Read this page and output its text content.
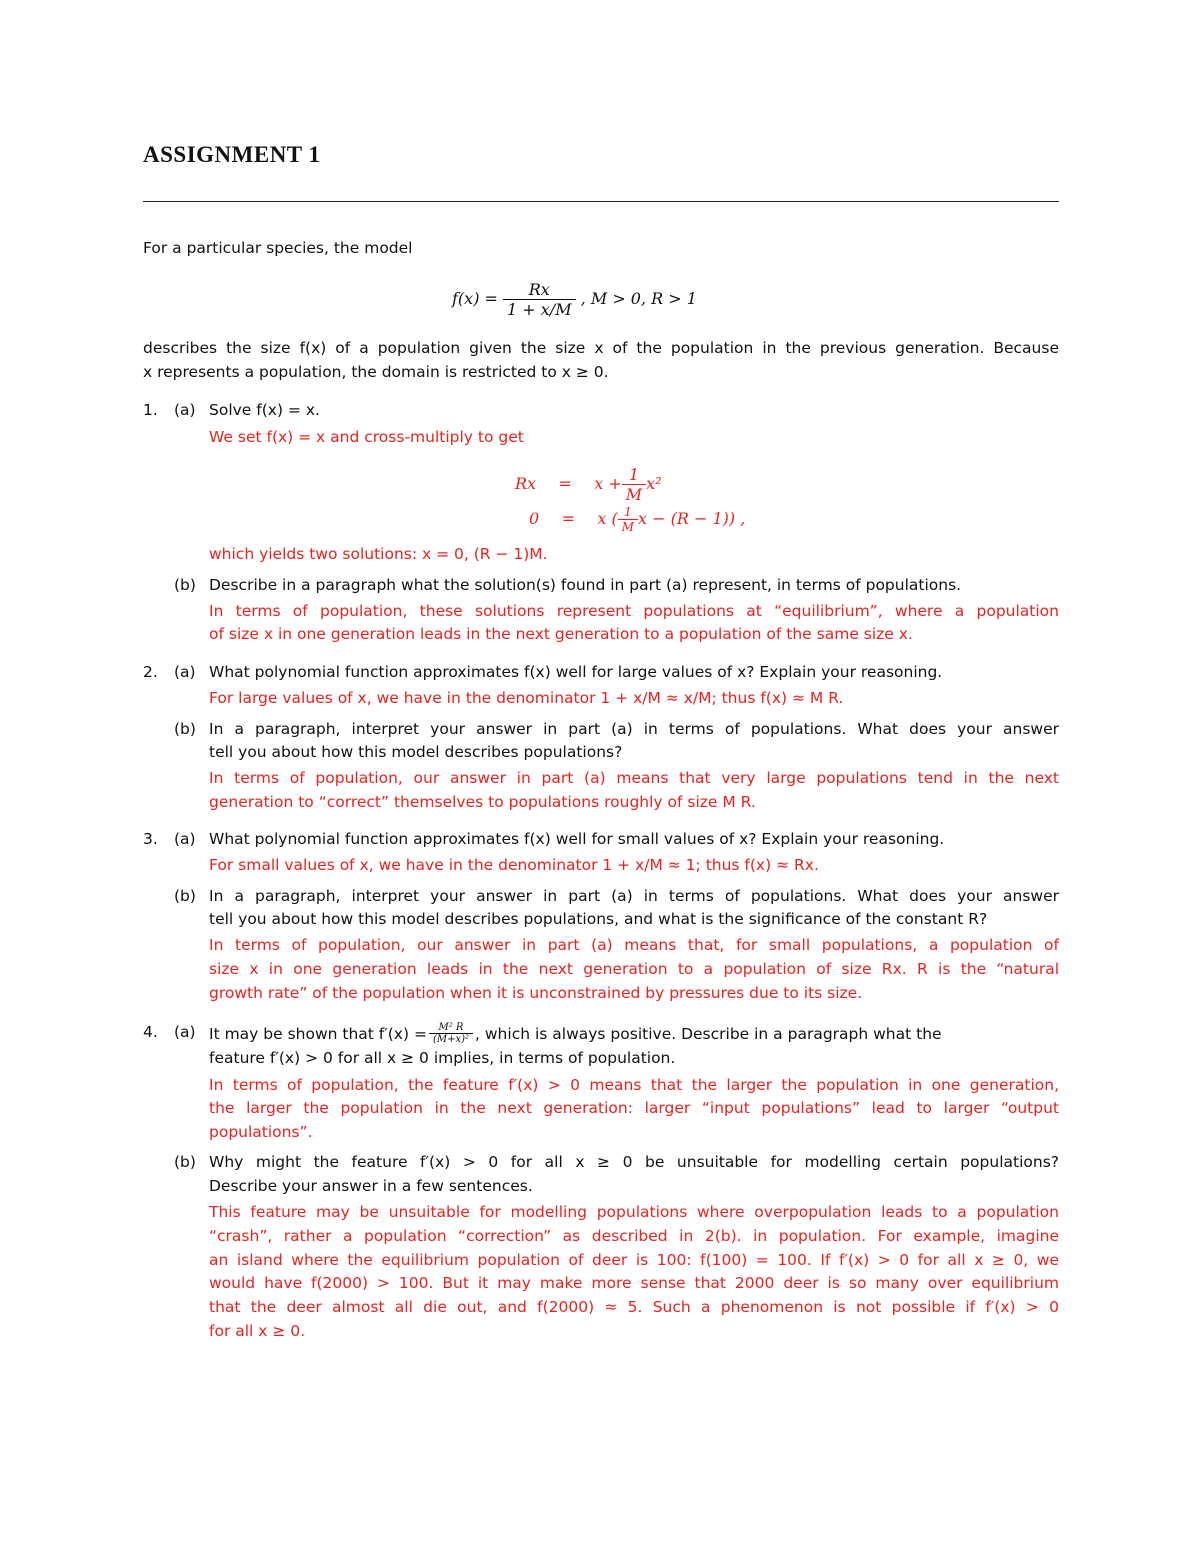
ASSIGNMENT 1
For a particular species, the model
$f(x) = \frac{Rx}{1 + x/M}$ , M > 0, R > 1
describes the size f(x) of a population given the size x of the population in the previous generation. Because
x represents a population, the domain is restricted to x ≥ 0.
1. (a) Solve f(x) = x.
We set f(x) = x and cross-multiply to get
$Rx = x + \frac{1}{M} x^2$
0 = x ( $\frac{1}{M}$ x − (R − 1)) ,
which yields two solutions: x = 0, (R − 1)M.
(b) Describe in a paragraph what the solution(s) found in part (a) represent, in terms of populations.
In terms of population, these solutions represent populations at “equilibrium”, where a population
of size x in one generation leads in the next generation to a population of the same size x.
2. (a) What polynomial function approximates f(x) well for large values of x? Explain your reasoning.
For large values of x, we have in the denominator 1 + x/M ≈ x/M; thus f(x) ≈ M R.
(b) In a paragraph, interpret your answer in part (a) in terms of populations. What does your answer
tell you about how this model describes populations?
In terms of population, our answer in part (a) means that very large populations tend in the next
generation to “correct” themselves to populations roughly of size M R.
3. (a) What polynomial function approximates f(x) well for small values of x? Explain your reasoning.
For small values of x, we have in the denominator 1 + x/M ≈ 1; thus f(x) ≈ Rx.
(b) In a paragraph, interpret your answer in part (a) in terms of populations. What does your answer
tell you about how this model describes populations, and what is the significance of the constant R?
In terms of population, our answer in part (a) means that, for small populations, a population of
size x in one generation leads in the next generation to a population of size Rx. R is the “natural
growth rate” of the population when it is unconstrained by pressures due to its size.
4. (a) It may be shown that $f'(x) = \frac{\text{M² R}}{\text{(M+x)²}}$ , which is always positive. Describe in a paragraph what the
feature f′(x) > 0 for all x ≥ 0 implies, in terms of population.
In terms of population, the feature f′(x) > 0 means that the larger the population in one generation,
the larger the population in the next generation: larger “input populations” lead to larger “output
populations”.
(b) Why might the feature f′(x) > 0 for all x ≥ 0 be unsuitable for modelling certain populations?
Describe your answer in a few sentences.
This feature may be unsuitable for modelling populations where overpopulation leads to a population
“crash”, rather a population “correction” as described in 2(b). in population. For example, imagine
an island where the equilibrium population of deer is 100: f(100) = 100. If f′(x) > 0 for all x ≥ 0, we
would have f(2000) > 100. But it may make more sense that 2000 deer is so many over equilibrium
that the deer almost all die out, and f(2000) ≈ 5. Such a phenomenon is not possible if f′(x) > 0
for all x ≥ 0.
